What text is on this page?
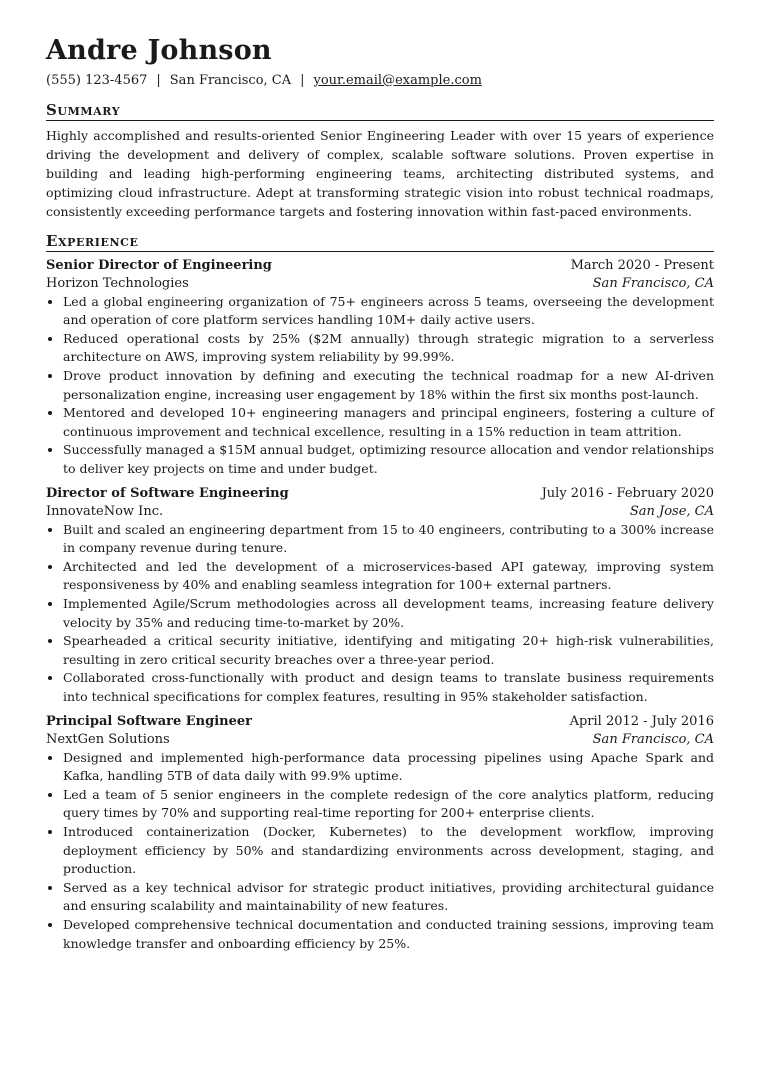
Andre Johnson
(555) 123-4567 | San Francisco, CA | your.email@example.com
Summary

Highly accomplished and results-oriented Senior Engineering Leader with over 15 years of experience driving the development and delivery of complex, scalable software solutions. Proven expertise in building and leading high-performing engineering teams, architecting distributed systems, and optimizing cloud infrastructure. Adept at transforming strategic vision into robust technical roadmaps, consistently exceeding performance targets and fostering innovation within fast-paced environments.

Experience
Senior Director of Engineering	March 2020 - Present
Horizon Technologies	San Francisco, CA
• Led a global engineering organization of 75+ engineers across 5 teams, overseeing the development and operation of core platform services handling 10M+ daily active users.
• Reduced operational costs by 25% ($2M annually) through strategic migration to a serverless architecture on AWS, improving system reliability by 99.99%.
• Drove product innovation by defining and executing the technical roadmap for a new AI-driven personalization engine, increasing user engagement by 18% within the first six months post-launch.
• Mentored and developed 10+ engineering managers and principal engineers, fostering a culture of continuous improvement and technical excellence, resulting in a 15% reduction in team attrition.
• Successfully managed a $15M annual budget, optimizing resource allocation and vendor relationships to deliver key projects on time and under budget.
Director of Software Engineering	July 2016 - February 2020
InnovateNow Inc.	San Jose, CA
• Built and scaled an engineering department from 15 to 40 engineers, contributing to a 300% increase in company revenue during tenure.
• Architected and led the development of a microservices-based API gateway, improving system responsiveness by 40% and enabling seamless integration for 100+ external partners.
• Implemented Agile/Scrum methodologies across all development teams, increasing feature delivery velocity by 35% and reducing time-to-market by 20%.
• Spearheaded a critical security initiative, identifying and mitigating 20+ high-risk vulnerabilities, resulting in zero critical security breaches over a three-year period.
• Collaborated cross-functionally with product and design teams to translate business requirements into technical specifications for complex features, resulting in 95% stakeholder satisfaction.
Principal Software Engineer	April 2012 - July 2016
NextGen Solutions	San Francisco, CA
• Designed and implemented high-performance data processing pipelines using Apache Spark and Kafka, handling 5TB of data daily with 99.9% uptime.
• Led a team of 5 senior engineers in the complete redesign of the core analytics platform, reducing query times by 70% and supporting real-time reporting for 200+ enterprise clients.
• Introduced containerization (Docker, Kubernetes) to the development workflow, improving deployment efficiency by 50% and standardizing environments across development, staging, and production.
• Served as a key technical advisor for strategic product initiatives, providing architectural guidance and ensuring scalability and maintainability of new features.
• Developed comprehensive technical documentation and conducted training sessions, improving team knowledge transfer and onboarding efficiency by 25%.
